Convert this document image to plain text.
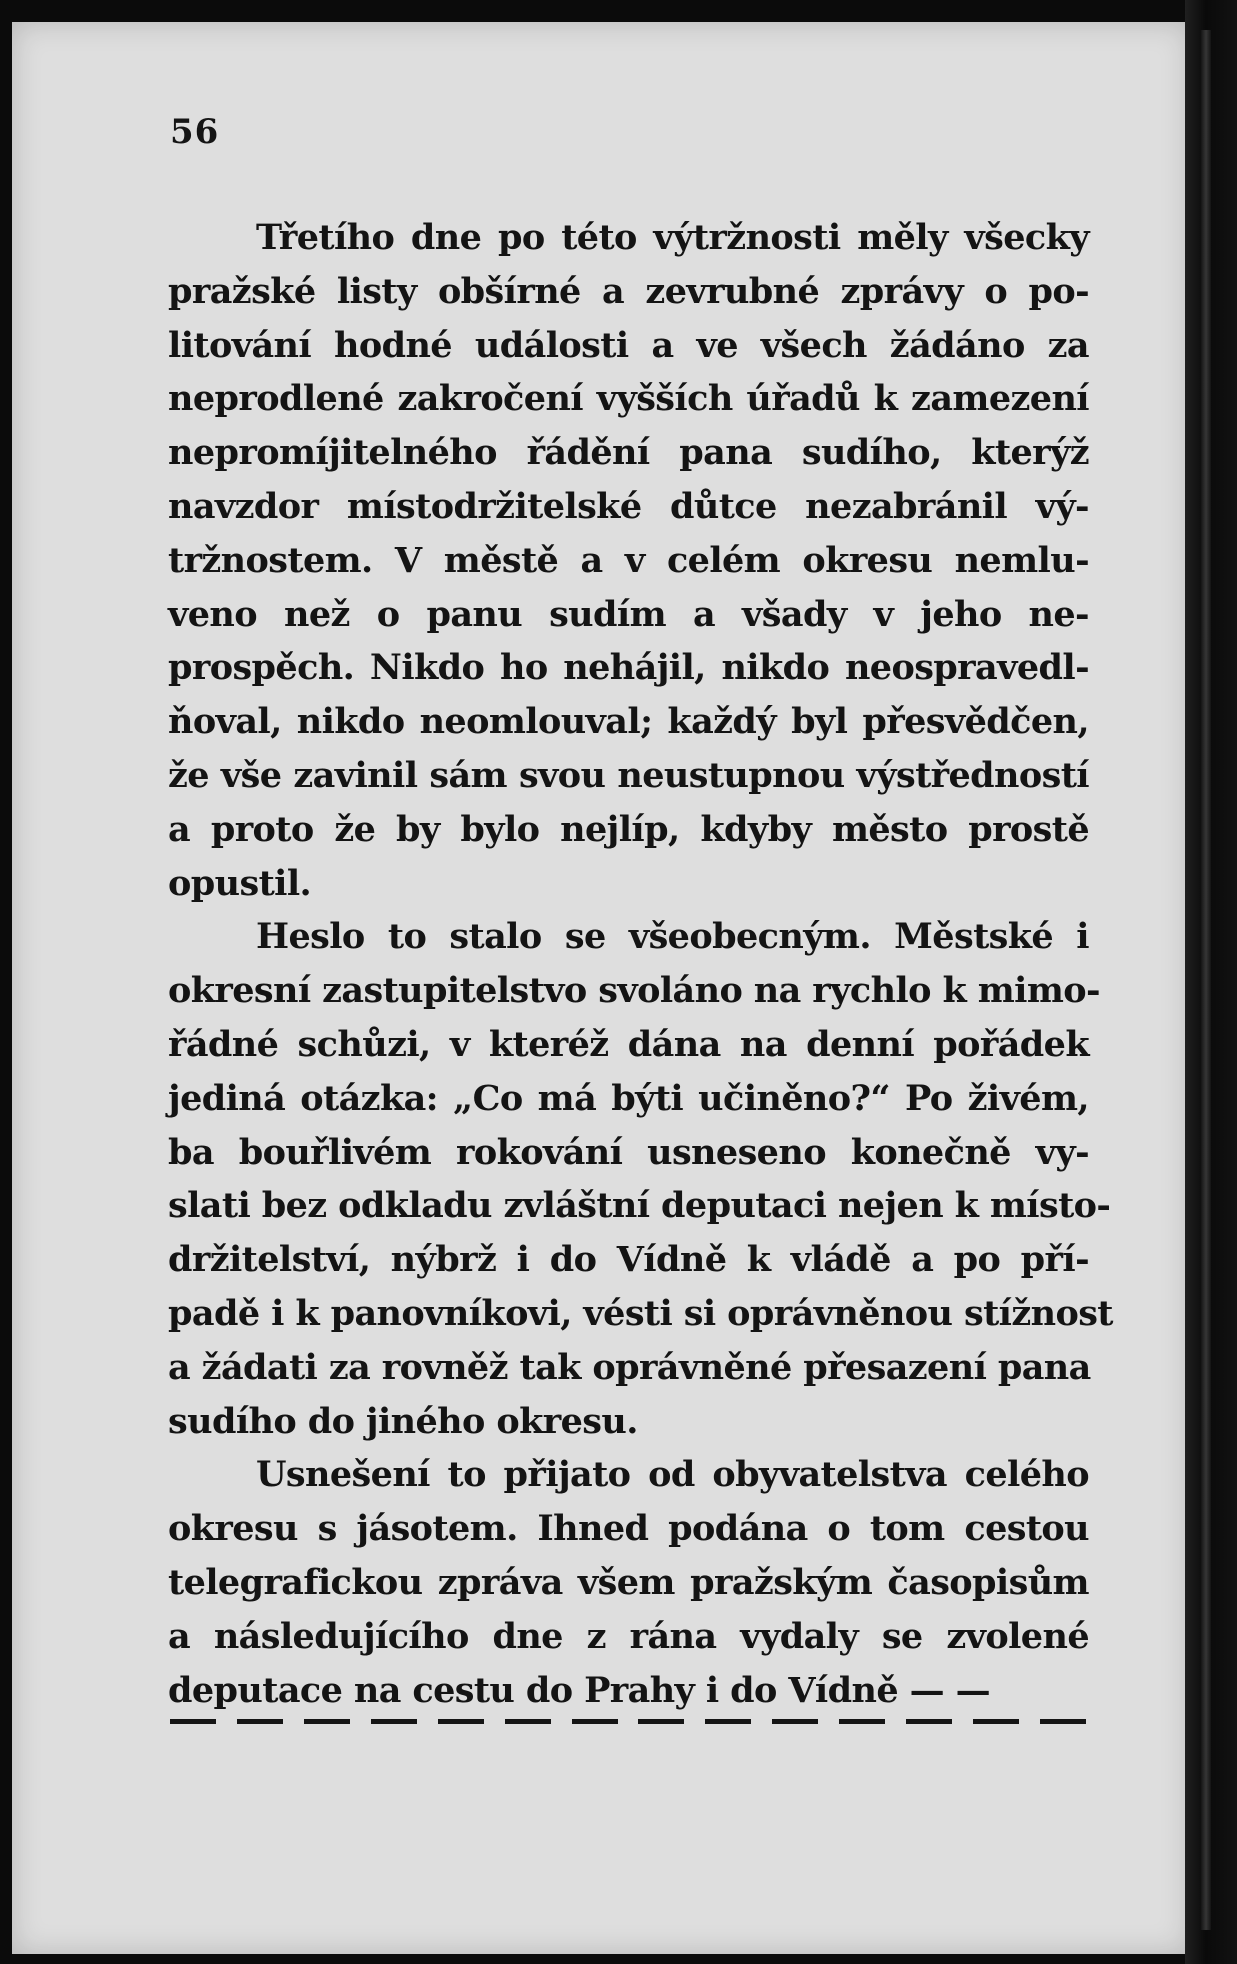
56
Třetího dne po této výtržnosti měly všecky
pražské listy obšírné a zevrubné zprávy o po-
litování hodné události a ve všech žádáno za
neprodlené zakročení vyšších úřadů k zamezení
nepromíjitelného řádění pana sudího, kterýž
navzdor místodržitelské důtce nezabránil vý-
tržnostem. V městě a v celém okresu nemlu-
veno než o panu sudím a všady v jeho ne-
prospěch. Nikdo ho nehájil, nikdo neospravedl-
ňoval, nikdo neomlouval; každý byl přesvědčen,
že vše zavinil sám svou neustupnou výstředností
a proto že by bylo nejlíp, kdyby město prostě
opustil.
Heslo to stalo se všeobecným. Městské i
okresní zastupitelstvo svoláno na rychlo k mimo-
řádné schůzi, v kteréž dána na denní pořádek
jediná otázka: „Co má býti učiněno?“ Po živém,
ba bouřlivém rokování usneseno konečně vy-
slati bez odkladu zvláštní deputaci nejen k místo-
držitelství, nýbrž i do Vídně k vládě a po pří-
padě i k panovníkovi, vésti si oprávněnou stížnost
a žádati za rovněž tak oprávněné přesazení pana
sudího do jiného okresu.
Usnešení to přijato od obyvatelstva celého
okresu s jásotem. Ihned podána o tom cestou
telegrafickou zpráva všem pražským časopisům
a následujícího dne z rána vydaly se zvolené
deputace na cestu do Prahy i do Vídně — —
